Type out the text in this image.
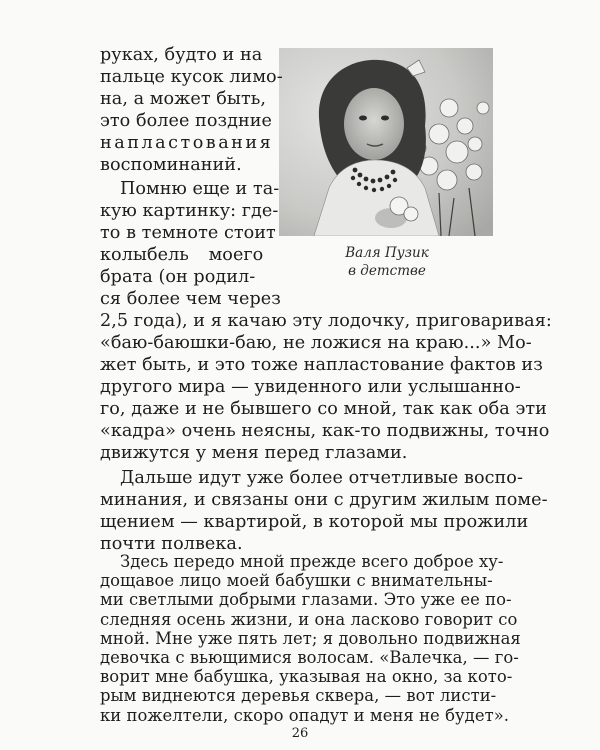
Валя Пузик
в детстве
26
руках, будто и на
пальце кусок лимо-
на, а может быть,
это более поздние
напластования
воспоминаний.
Помню еще и та-
кую картинку: где-
то в темноте стоит
колыбель моего
брата (он родил-
ся более чем через
2,5 года), и я качаю эту лодочку, приговаривая:
«баю-баюшки-баю, не ложися на краю...» Мо-
жет быть, и это тоже напластование фактов из
другого мира — увиденного или услышанно-
го, даже и не бывшего со мной, так как оба эти
«кадра» очень неясны, как-то подвижны, точно
движутся у меня перед глазами.
Дальше идут уже более отчетливые воспо-
минания, и связаны они с другим жилым поме-
щением — квартирой, в которой мы прожили
почти полвека.
Здесь передо мной прежде всего доброе ху-
дощавое лицо моей бабушки с внимательны-
ми светлыми добрыми глазами. Это уже ее по-
следняя осень жизни, и она ласково говорит со
мной. Мне уже пять лет; я довольно подвижная
девочка с вьющимися волосам. «Валечка, — го-
ворит мне бабушка, указывая на окно, за кото-
рым виднеются деревья сквера, — вот листи-
ки пожелтели, скоро опадут и меня не будет».
